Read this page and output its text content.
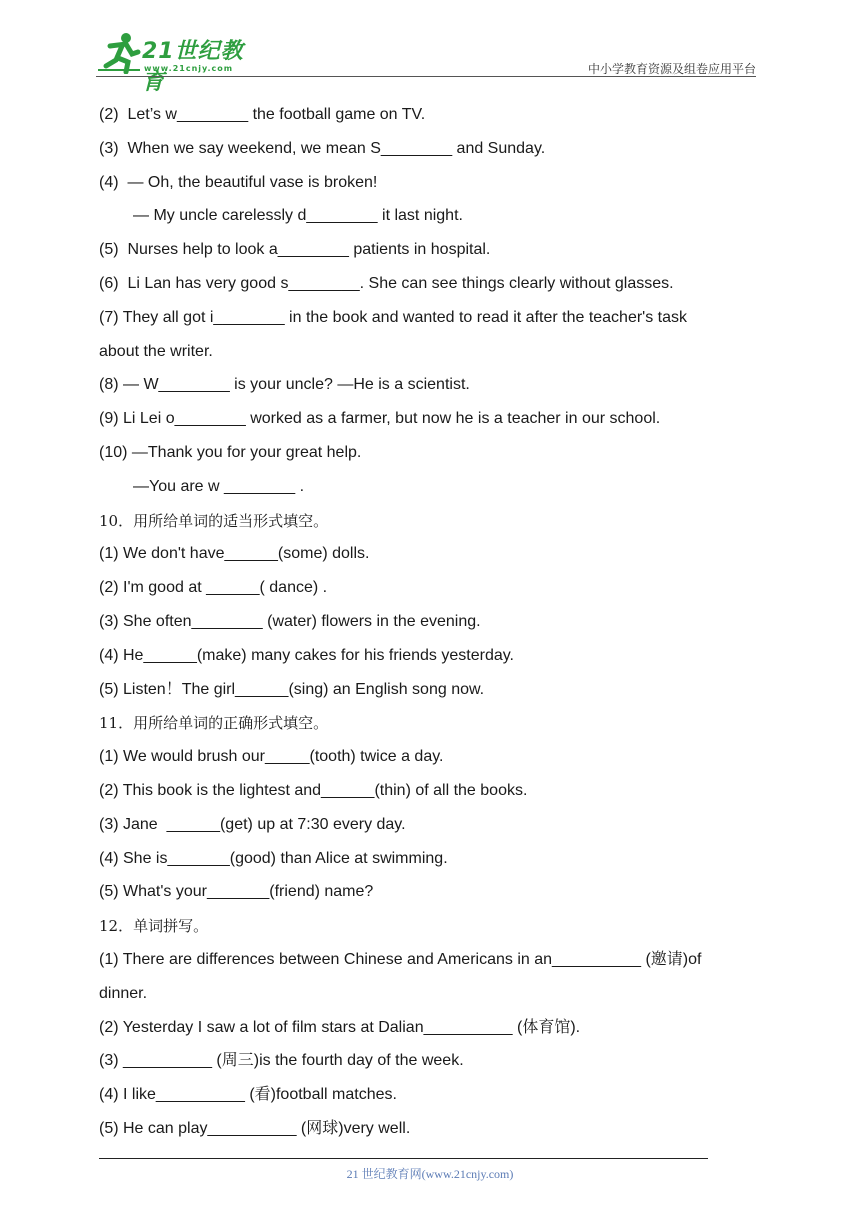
21世纪教育
www.21cnjy.com	中小学教育资源及组卷应用平台
(2)  Let’s w________ the football game on TV.
(3)  When we say weekend, we mean S________ and Sunday.
(4)  — Oh, the beautiful vase is broken!
— My uncle carelessly d________ it last night.
(5)  Nurses help to look a________ patients in hospital.
(6)  Li Lan has very good s________. She can see things clearly without glasses.
(7) They all got i________ in the book and wanted to read it after the teacher's task
about the writer.
(8) — W________ is your uncle? —He is a scientist.
(9) Li Lei o________ worked as a farmer, but now he is a teacher in our school.
(10) —Thank you for your great help.
—You are w ________ .
10．用所给单词的适当形式填空。
(1) We don't have______(some) dolls.
(2) I'm good at ______( dance) .
(3) She often________ (water) flowers in the evening.
(4) He______(make) many cakes for his friends yesterday.
(5) Listen！The girl______(sing) an English song now.
11．用所给单词的正确形式填空。
(1) We would brush our_____(tooth) twice a day.
(2) This book is the lightest and______(thin) of all the books.
(3) Jane  ______(get) up at 7:30 every day.
(4) She is_______(good) than Alice at swimming.
(5) What's your_______(friend) name?
12．单词拼写。
(1) There are differences between Chinese and Americans in an__________ (邀请)of
dinner.
(2) Yesterday I saw a lot of film stars at Dalian__________ (体育馆).
(3) __________ (周三)is the fourth day of the week.
(4) I like__________ (看)football matches.
(5) He can play__________ (网球)very well.
21 世纪教育网(www.21cnjy.com)
